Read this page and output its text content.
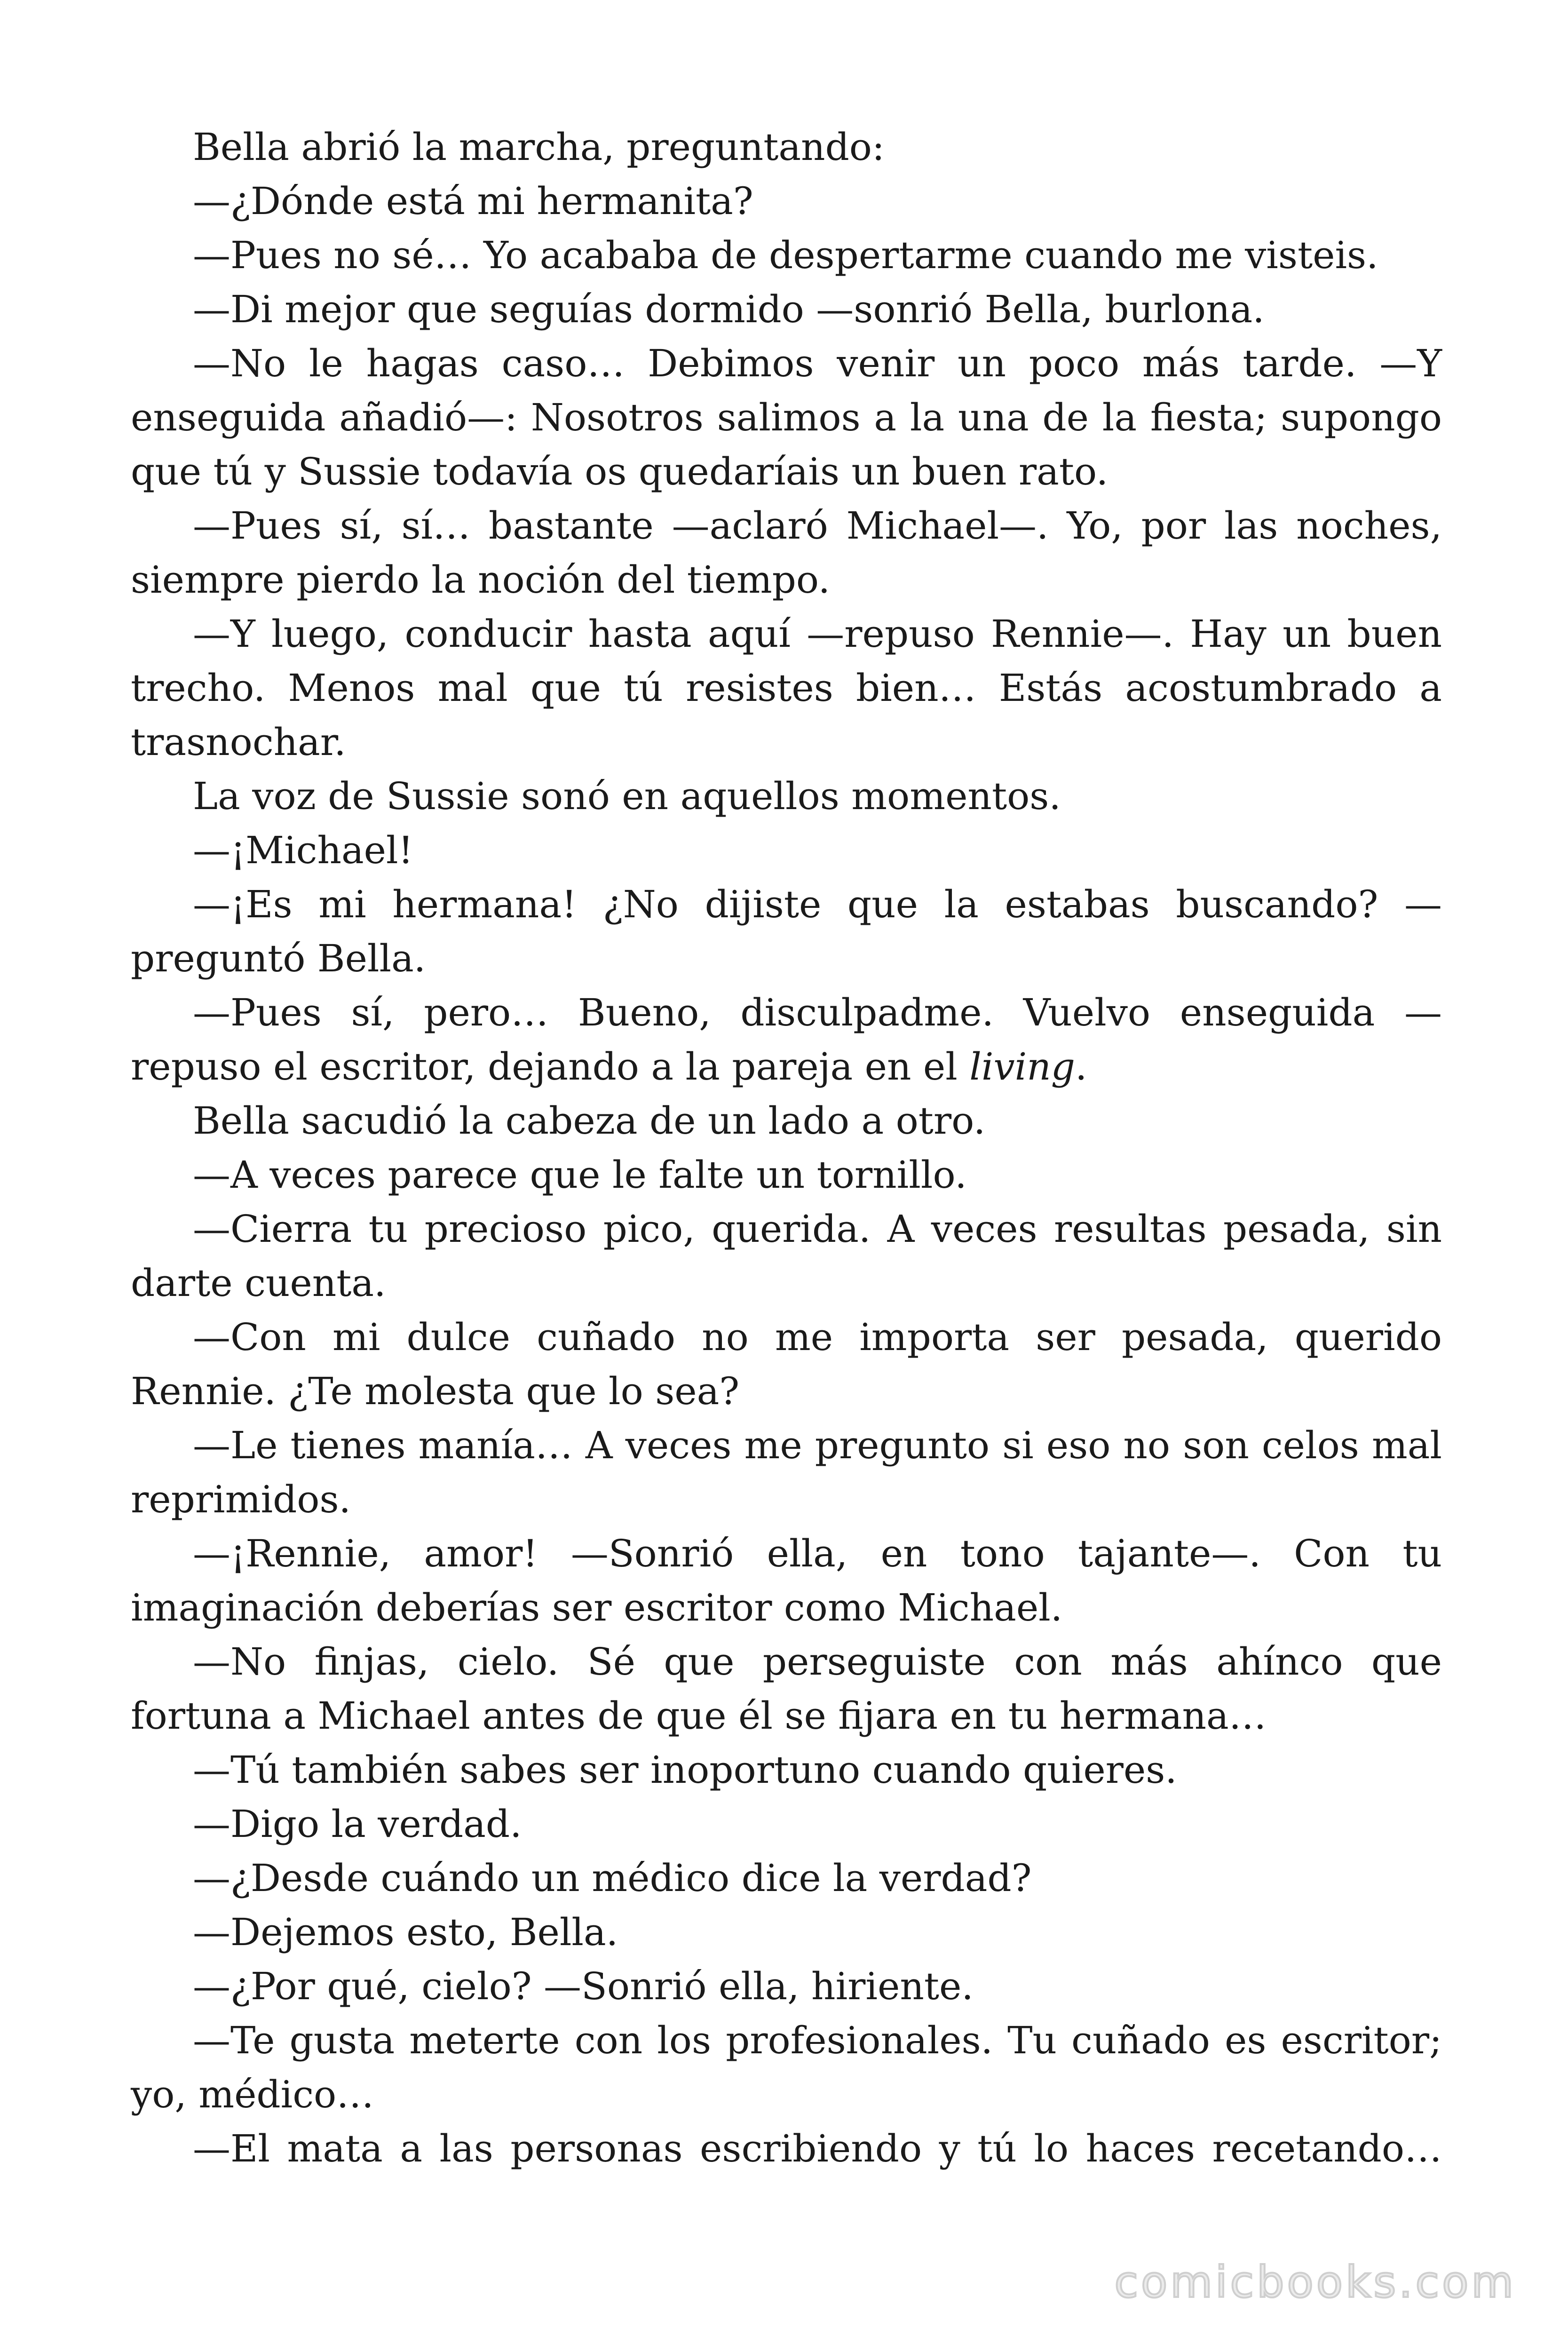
Bella abrió la marcha, preguntando:

—¿Dónde está mi hermanita?

—Pues no sé… Yo acababa de despertarme cuando me visteis.

—Di mejor que seguías dormido —sonrió Bella, burlona.

—No le hagas caso… Debimos venir un poco más tarde. —Y enseguida añadió—: Nosotros salimos a la una de la fiesta; supongo que tú y Sussie todavía os quedaríais un buen rato.

—Pues sí, sí… bastante —aclaró Michael—. Yo, por las noches, siempre pierdo la noción del tiempo.

—Y luego, conducir hasta aquí —repuso Rennie—. Hay un buen trecho. Menos mal que tú resistes bien… Estás acostumbrado a trasnochar.

La voz de Sussie sonó en aquellos momentos.

—¡Michael!

—¡Es mi hermana! ¿No dijiste que la estabas buscando? —preguntó Bella.

—Pues sí, pero… Bueno, disculpadme. Vuelvo enseguida —repuso el escritor, dejando a la pareja en el living.

Bella sacudió la cabeza de un lado a otro.

—A veces parece que le falte un tornillo.

—Cierra tu precioso pico, querida. A veces resultas pesada, sin darte cuenta.

—Con mi dulce cuñado no me importa ser pesada, querido Rennie. ¿Te molesta que lo sea?

—Le tienes manía… A veces me pregunto si eso no son celos mal reprimidos.

—¡Rennie, amor! —Sonrió ella, en tono tajante—. Con tu imaginación deberías ser escritor como Michael.

—No finjas, cielo. Sé que perseguiste con más ahínco que fortuna a Michael antes de que él se fijara en tu hermana…

—Tú también sabes ser inoportuno cuando quieres.

—Digo la verdad.

—¿Desde cuándo un médico dice la verdad?

—Dejemos esto, Bella.

—¿Por qué, cielo? —Sonrió ella, hiriente.

—Te gusta meterte con los profesionales. Tu cuñado es escritor; yo, médico…

—El mata a las personas escribiendo y tú lo haces recetando…

comicbooks.com
